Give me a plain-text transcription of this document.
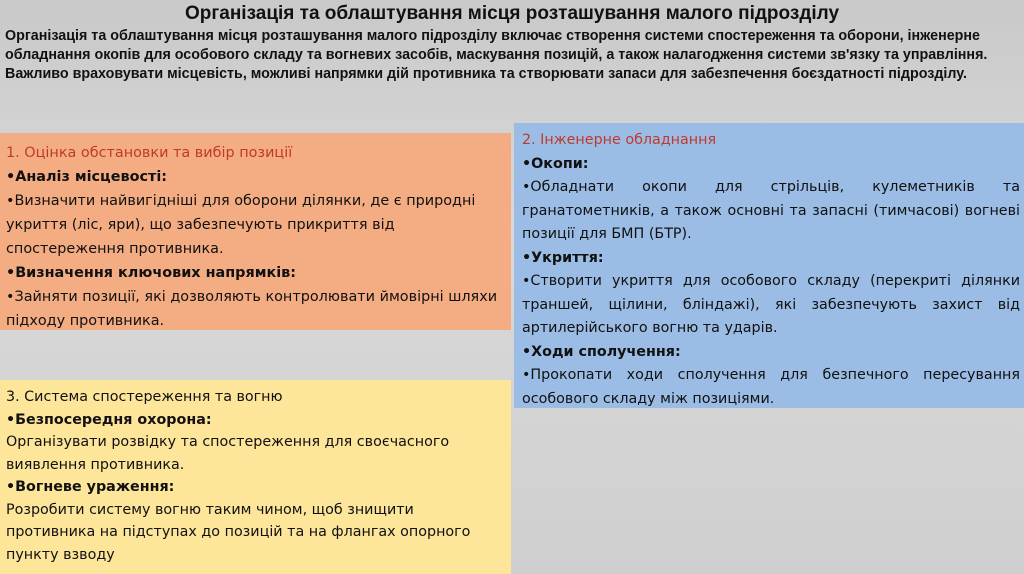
Організація та облаштування місця розташування малого підрозділу
Організація та облаштування місця розташування малого підрозділу включає створення системи спостереження та оборони, інженерне обладнання окопів для особового складу та вогневих засобів, маскування позицій, а також налагодження системи зв'язку та управління. Важливо враховувати місцевість, можливі напрямки дій противника та створювати запаси для забезпечення боєздатності підрозділу.

1. Оцінка обстановки та вибір позиції

•Аналіз місцевості:

•Визначити найвигідніші для оборони ділянки, де є природні укриття (ліс, яри), що забезпечують прикриття від спостереження противника.

•Визначення ключових напрямків:

•Зайняти позиції, які дозволяють контролювати ймовірні шляхи підходу противника.

2. Інженерне обладнання

•Окопи:

•Обладнати окопи для стрільців, кулеметників та гранатометників, а також основні та запасні (тимчасові) вогневі позиції для БМП (БТР).

•Укриття:

•Створити укриття для особового складу (перекриті ділянки траншей, щілини, бліндажі), які забезпечують захист від артилерійського вогню та ударів.

•Ходи сполучення:

•Прокопати ходи сполучення для безпечного пересування особового складу між позиціями.

3. Система спостереження та вогню

•Безпосередня охорона:

Організувати розвідку та спостереження для своєчасного виявлення противника.

•Вогневе ураження:

Розробити систему вогню таким чином, щоб знищити противника на підступах до позицій та на флангах опорного пункту взводу
